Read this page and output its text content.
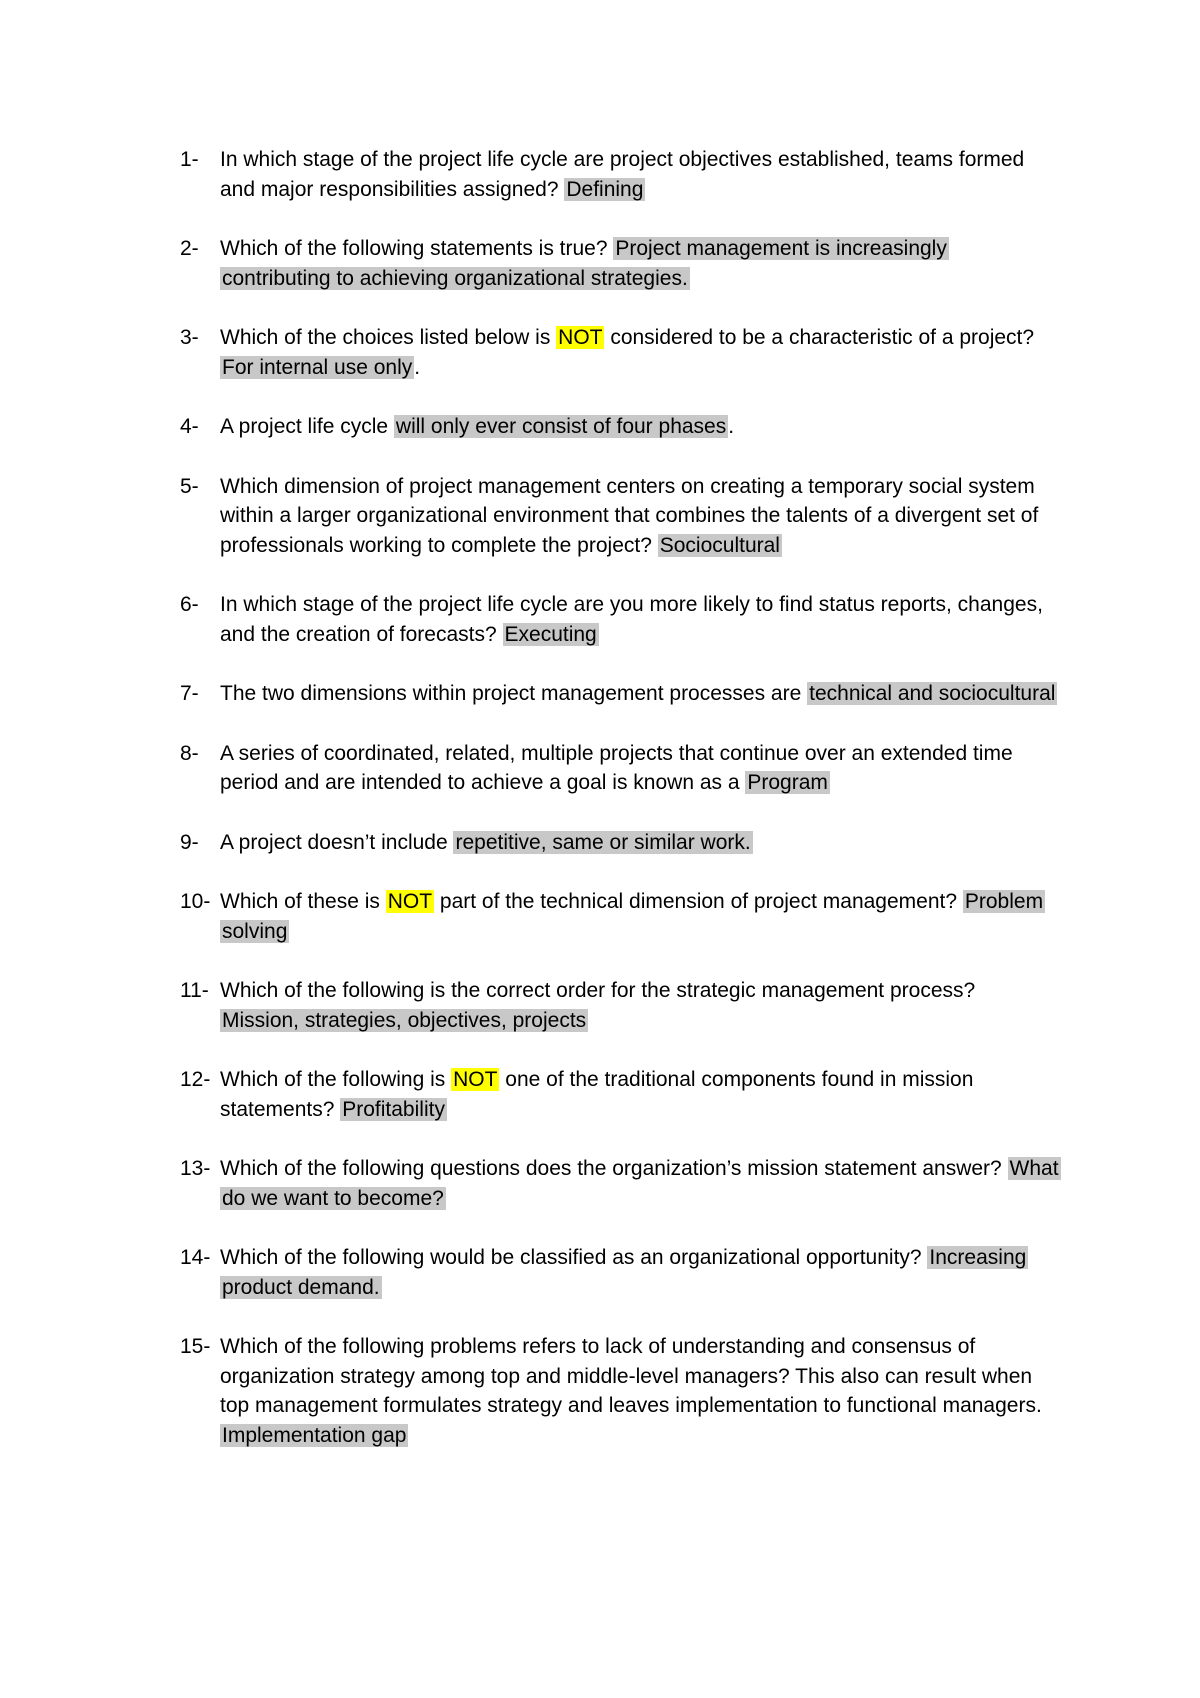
1-	In which stage of the project life cycle are project objectives established, teams formed and major responsibilities assigned? Defining
2-	Which of the following statements is true? Project management is increasingly contributing to achieving organizational strategies.
3-	Which of the choices listed below is NOT considered to be a characteristic of a project? For internal use only.
4-	A project life cycle will only ever consist of four phases.
5-	Which dimension of project management centers on creating a temporary social system within a larger organizational environment that combines the talents of a divergent set of professionals working to complete the project? Sociocultural
6-	In which stage of the project life cycle are you more likely to find status reports, changes, and the creation of forecasts? Executing
7-	The two dimensions within project management processes are technical and sociocultural
8-	A series of coordinated, related, multiple projects that continue over an extended time period and are intended to achieve a goal is known as a Program
9-	A project doesn’t include repetitive, same or similar work.
10- Which of these is NOT part of the technical dimension of project management? Problem solving
11- Which of the following is the correct order for the strategic management process? Mission, strategies, objectives, projects
12- Which of the following is NOT one of the traditional components found in mission statements? Profitability
13- Which of the following questions does the organization’s mission statement answer? What do we want to become?
14- Which of the following would be classified as an organizational opportunity? Increasing product demand.
15- Which of the following problems refers to lack of understanding and consensus of organization strategy among top and middle-level managers? This also can result when top management formulates strategy and leaves implementation to functional managers. Implementation gap
